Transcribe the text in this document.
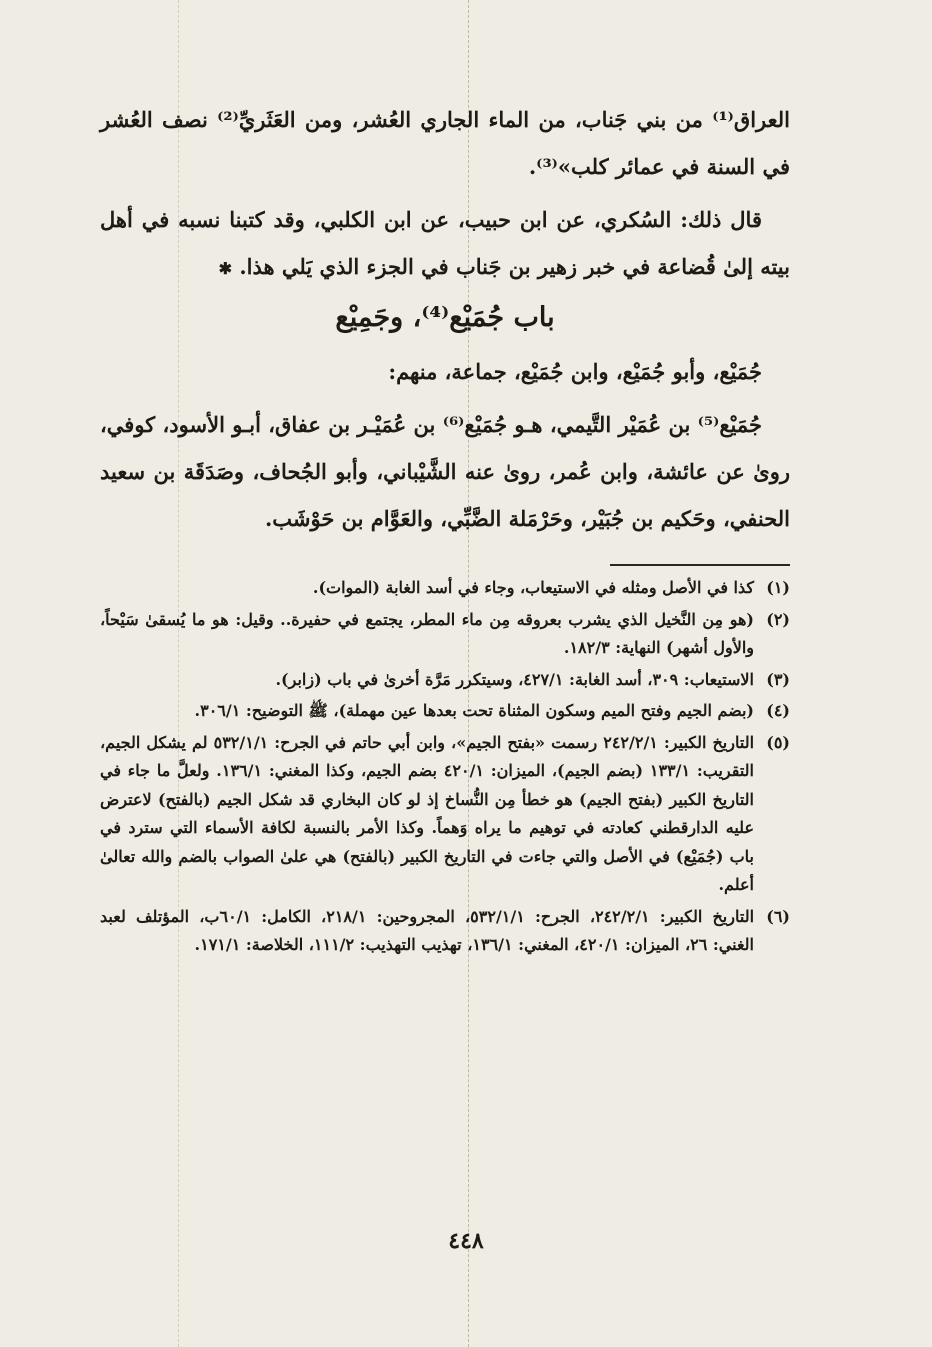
العراق⁽¹⁾ من بني جَناب، من الماء الجاري العُشر، ومن العَثَريِّ⁽²⁾ نصف العُشر في السنة في عمائر كلب»⁽³⁾.

قال ذلك: السُكري، عن ابن حبيب، عن ابن الكلبي، وقد كتبنا نسبه في أهل بيته إلىٰ قُضاعة في خبر زهير بن جَناب في الجزء الذي يَلي هذا. ✱

باب جُمَيْع⁽⁴⁾، وجَمِيْع

جُمَيْع، وأبو جُمَيْع، وابن جُمَيْع، جماعة، منهم:

جُمَيْع⁽⁵⁾ بن عُمَيْر التَّيمي، هـو جُمَيْع⁽⁶⁾ بن عُمَيْـر بن عفاق، أبـو الأسود، كوفي، روىٰ عن عائشة، وابن عُمر، روىٰ عنه الشَّيْباني، وأبو الجُحاف، وصَدَقَة بن سعيد الحنفي، وحَكيم بن جُبَيْر، وحَرْمَلة الضَّبِّي، والعَوَّام بن حَوْشَب.

(١)
كذا في الأصل ومثله في الاستيعاب، وجاء في أسد الغابة (الموات).
(٢)
(هو مِن النَّخيل الذي يشرب بعروقه مِن ماء المطر، يجتمع في حفيرة.. وقيل: هو ما يُسقىٰ سَيْحاً، والأول أشهر) النهاية: ١٨٢/٣.
(٣)
الاستيعاب: ٣٠٩، أسد الغابة: ٤٢٧/١، وسيتكرر مَرَّة أخرىٰ في باب (زابر).
(٤)
(بضم الجيم وفتح الميم وسكون المثناة تحت بعدها عين مهملة)، ﷺ التوضيح: ٣٠٦/١.
(٥)
التاريخ الكبير: ٢٤٢/٢/١ رسمت «بفتح الجيم»، وابن أبي حاتم في الجرح: ٥٣٢/١/١ لم يشكل الجيم، التقريب: ١٣٣/١ (بضم الجيم)، الميزان: ٤٢٠/١ بضم الجيم، وكذا المغني: ١٣٦/١. ولعلَّ ما جاء في التاريخ الكبير (بفتح الجيم) هو خطأ مِن النُّساخ إذ لو كان البخاري قد شكل الجيم (بالفتح) لاعترض عليه الدارقطني كعادته في توهيم ما يراه وَهماً. وكذا الأمر بالنسبة لكافة الأسماء التي سترد في باب (جُمَيْع) في الأصل والتي جاءت في التاريخ الكبير (بالفتح) هي علىٰ الصواب بالضم والله تعالىٰ أعلم.
(٦)
التاريخ الكبير: ٢٤٢/٢/١، الجرح: ٥٣٢/١/١، المجروحين: ٢١٨/١، الكامل: ٦٠/١ب، المؤتلف لعبد الغني: ٢٦، الميزان: ٤٢٠/١، المغني: ١٣٦/١، تهذيب التهذيب: ١١١/٢، الخلاصة: ١٧١/١.
٤٤٨
